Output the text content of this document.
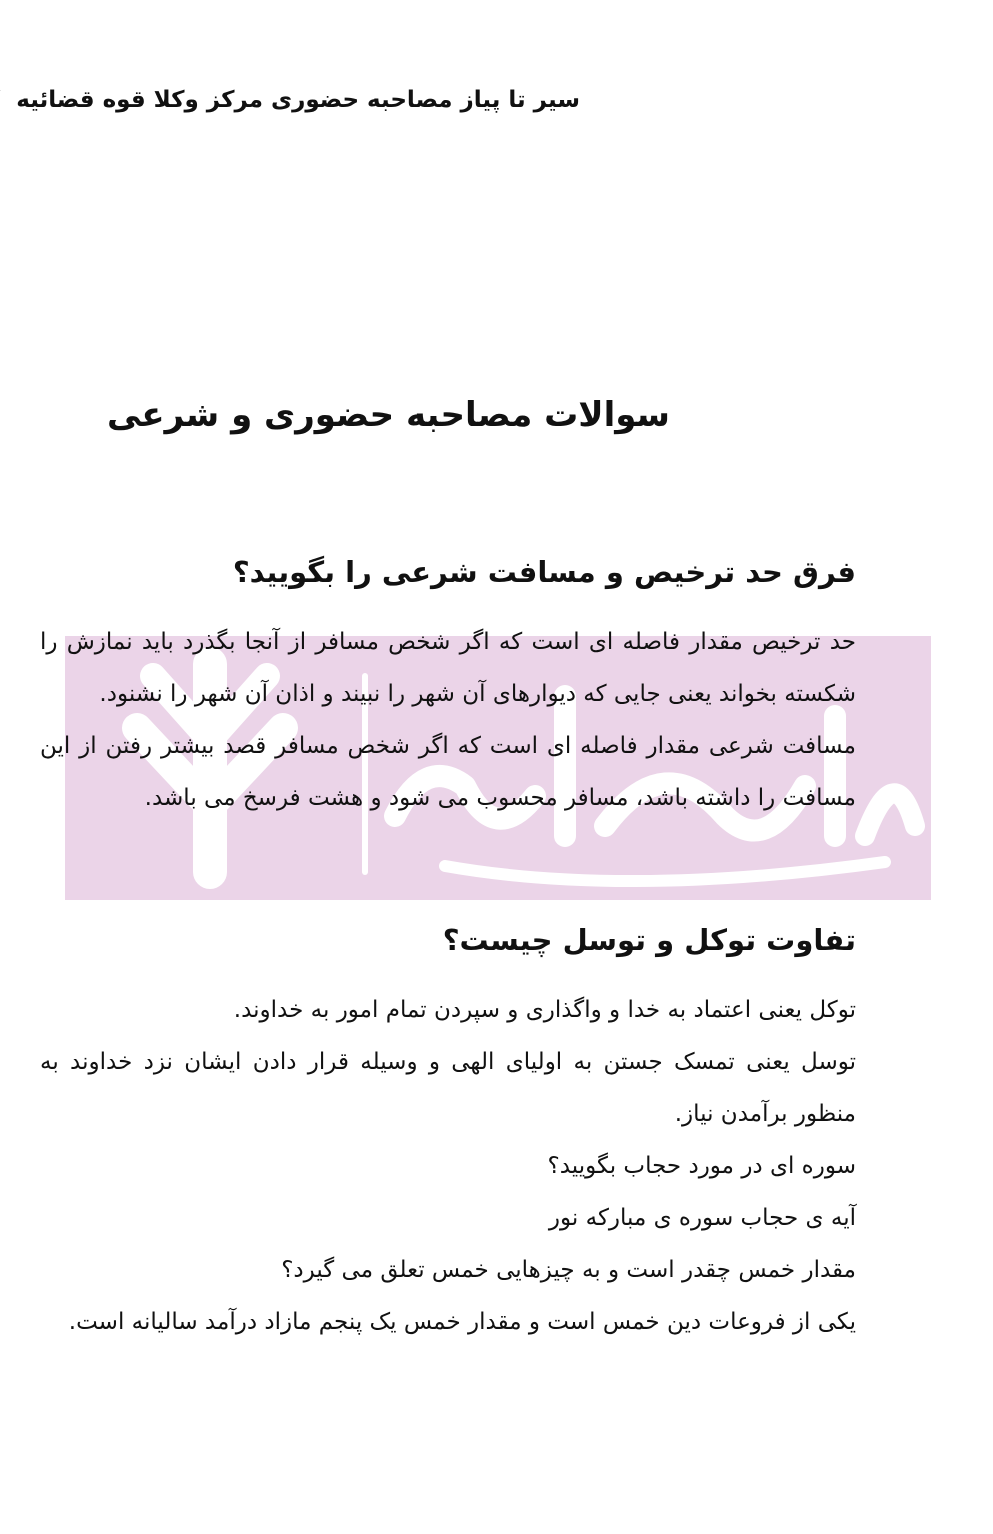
سیر تا پیاز مصاحبه حضوری مرکز وکلا قوه قضائیه
سوالات مصاحبه حضوری و شرعی
فرق حد ترخیص و مسافت شرعی را بگویید؟

حد ترخیص مقدار فاصله ای است که اگر شخص مسافر از آنجا بگذرد باید نمازش را شکسته بخواند یعنی جایی که دیوارهای آن شهر را نبیند و اذان آن شهر را نشنود.

مسافت شرعی مقدار فاصله ای است که اگر شخص مسافر قصد بیشتر رفتن از این مسافت را داشته باشد، مسافر محسوب می شود و هشت فرسخ می باشد.

تفاوت توکل و توسل چیست؟

توکل یعنی اعتماد به خدا و واگذاری و سپردن تمام امور به خداوند.

توسل یعنی تمسک جستن به اولیای الهی و وسیله قرار دادن ایشان نزد خداوند به منظور برآمدن نیاز.

سوره ای در مورد حجاب بگویید؟

آیه ی حجاب سوره ی مبارکه نور

مقدار خمس چقدر است و به چیزهایی خمس تعلق می گیرد؟

یکی از فروعات دین خمس است و مقدار خمس یک پنجم مازاد درآمد سالیانه است.
